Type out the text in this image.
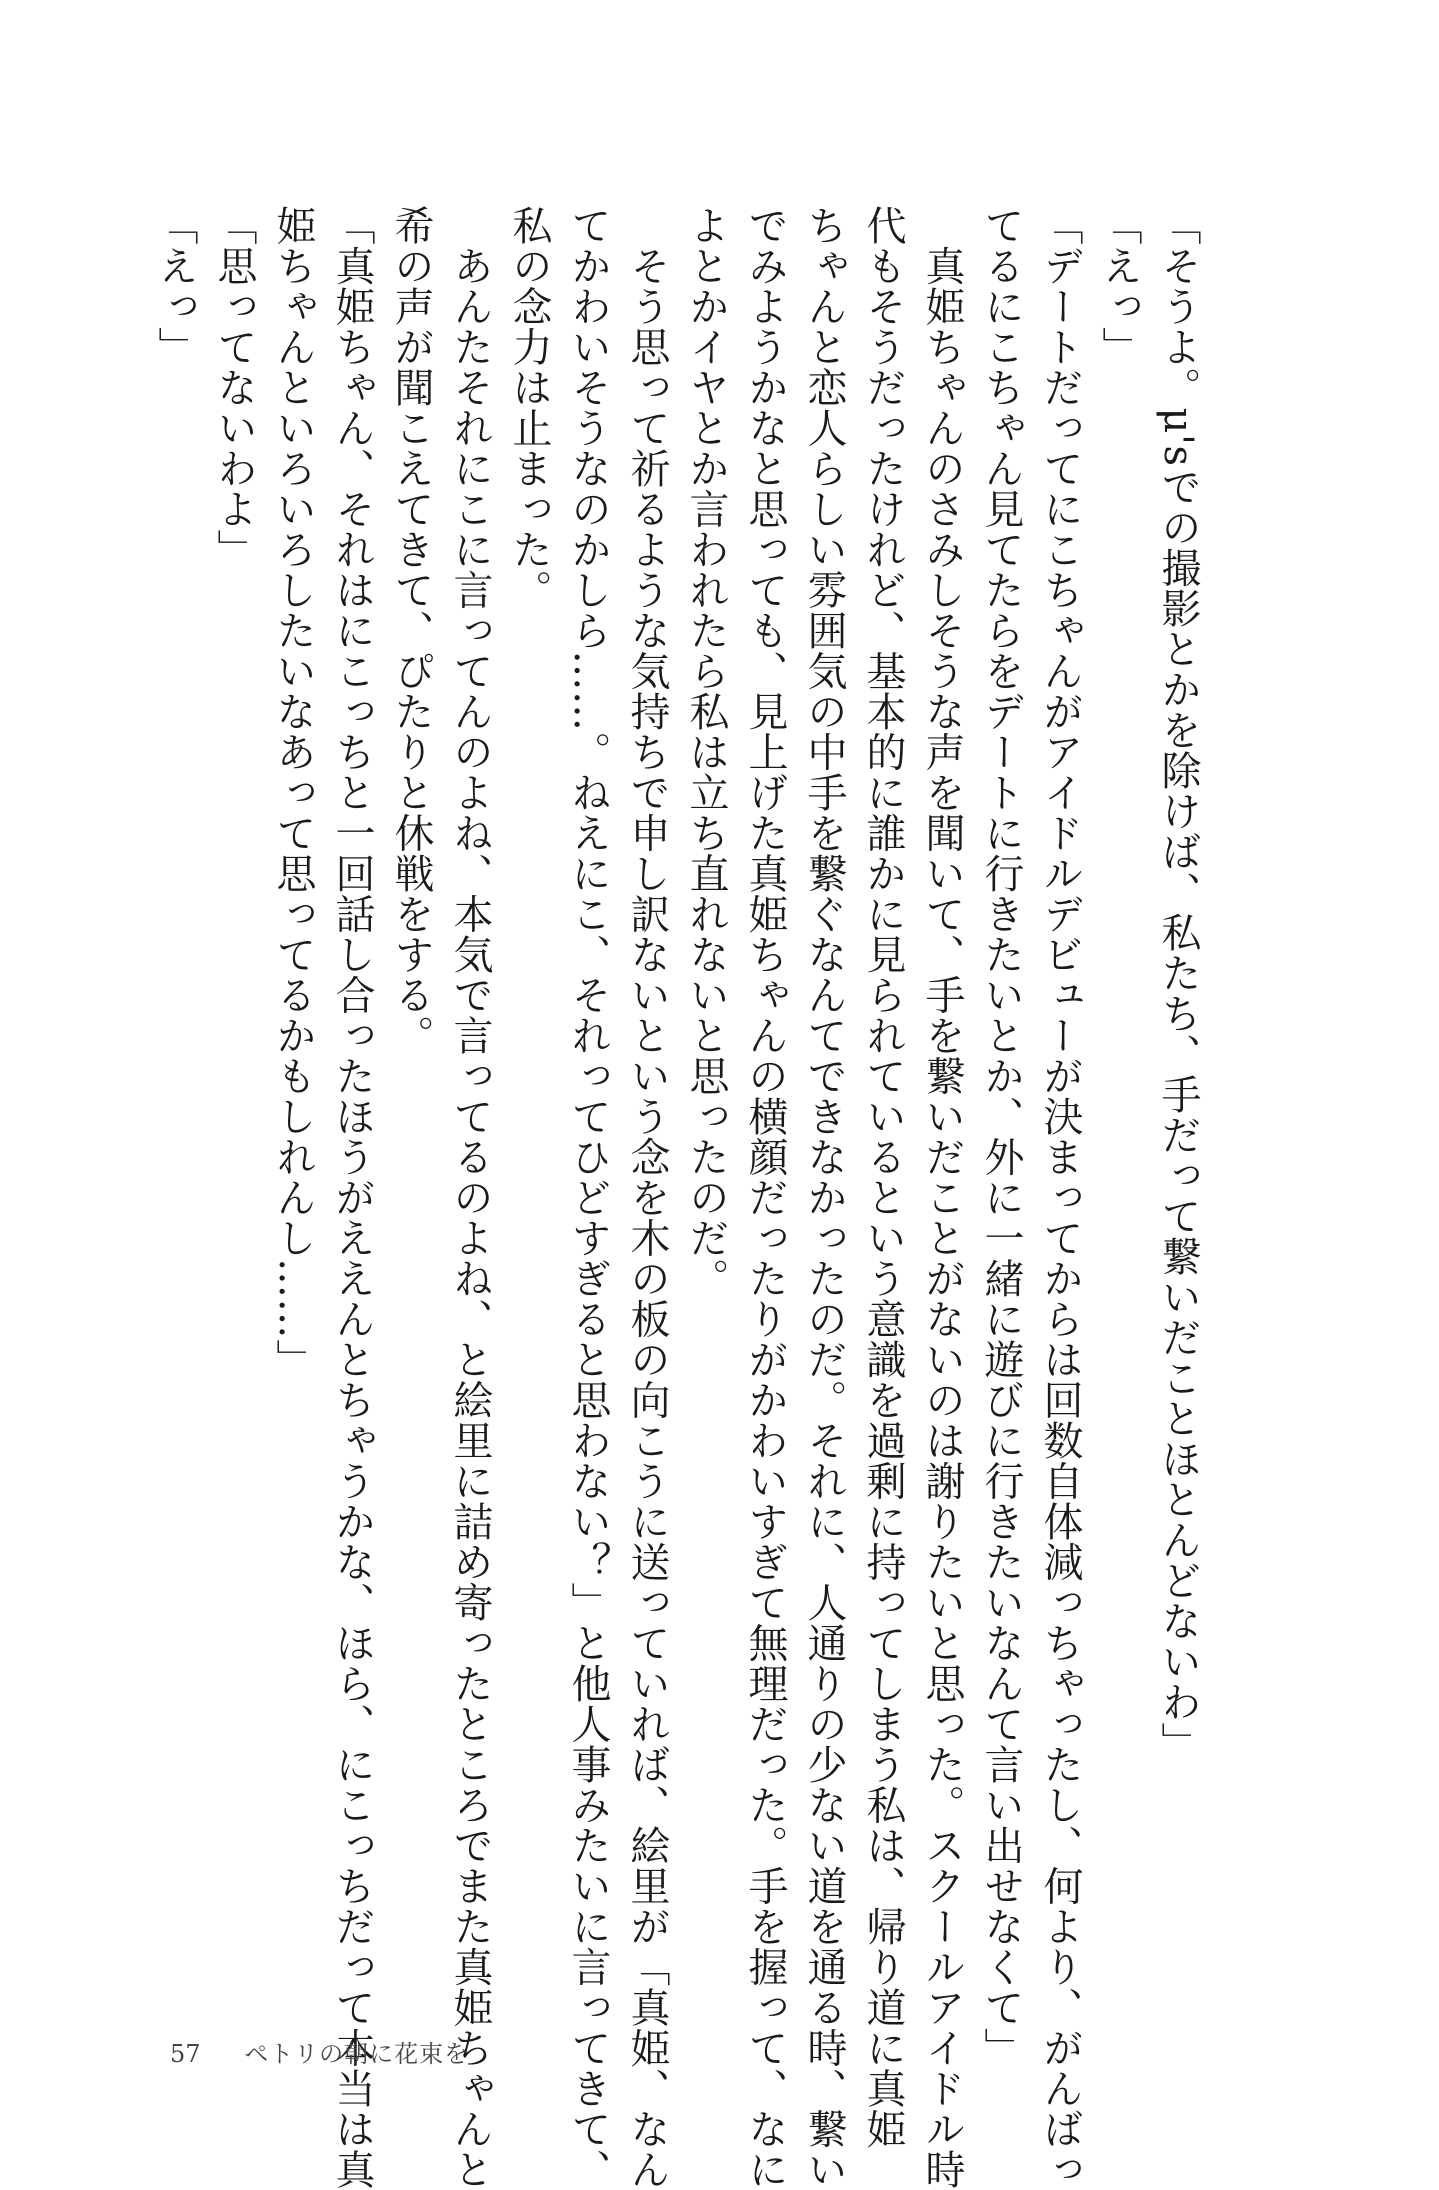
「そうよ。μ'sでの撮影とかを除けば、私たち、手だって繋いだことほとんどないわ」
「えっ」
「デートだってにこちゃんがアイドルデビューが決まってからは回数自体減っちゃったし、何より、がんばっ
てるにこちゃん見てたらをデートに行きたいとか、外に一緒に遊びに行きたいなんて言い出せなくて」
　真姫ちゃんのさみしそうな声を聞いて、手を繋いだことがないのは謝りたいと思った。スクールアイドル時
代もそうだったけれど、基本的に誰かに見られているという意識を過剰に持ってしまう私は、帰り道に真姫
ちゃんと恋人らしい雰囲気の中手を繋ぐなんてできなかったのだ。それに、人通りの少ない道を通る時、繋い
でみようかなと思っても、見上げた真姫ちゃんの横顔だったりがかわいすぎて無理だった。手を握って、なに
よとかイヤとか言われたら私は立ち直れないと思ったのだ。
　そう思って祈るような気持ちで申し訳ないという念を木の板の向こうに送っていれば、絵里が「真姫、なん
てかわいそうなのかしら……。ねえにこ、それってひどすぎると思わない？」と他人事みたいに言ってきて、
私の念力は止まった。
　あんたそれにこに言ってんのよね、本気で言ってるのよね、と絵里に詰め寄ったところでまた真姫ちゃんと
希の声が聞こえてきて、ぴたりと休戦をする。
「真姫ちゃん、それはにこっちと一回話し合ったほうがええんとちゃうかな、ほら、にこっちだって本当は真
姫ちゃんといろいろしたいなあって思ってるかもしれんし……」
「思ってないわよ」
「えっ」
57 ペトリの朝に花束を
